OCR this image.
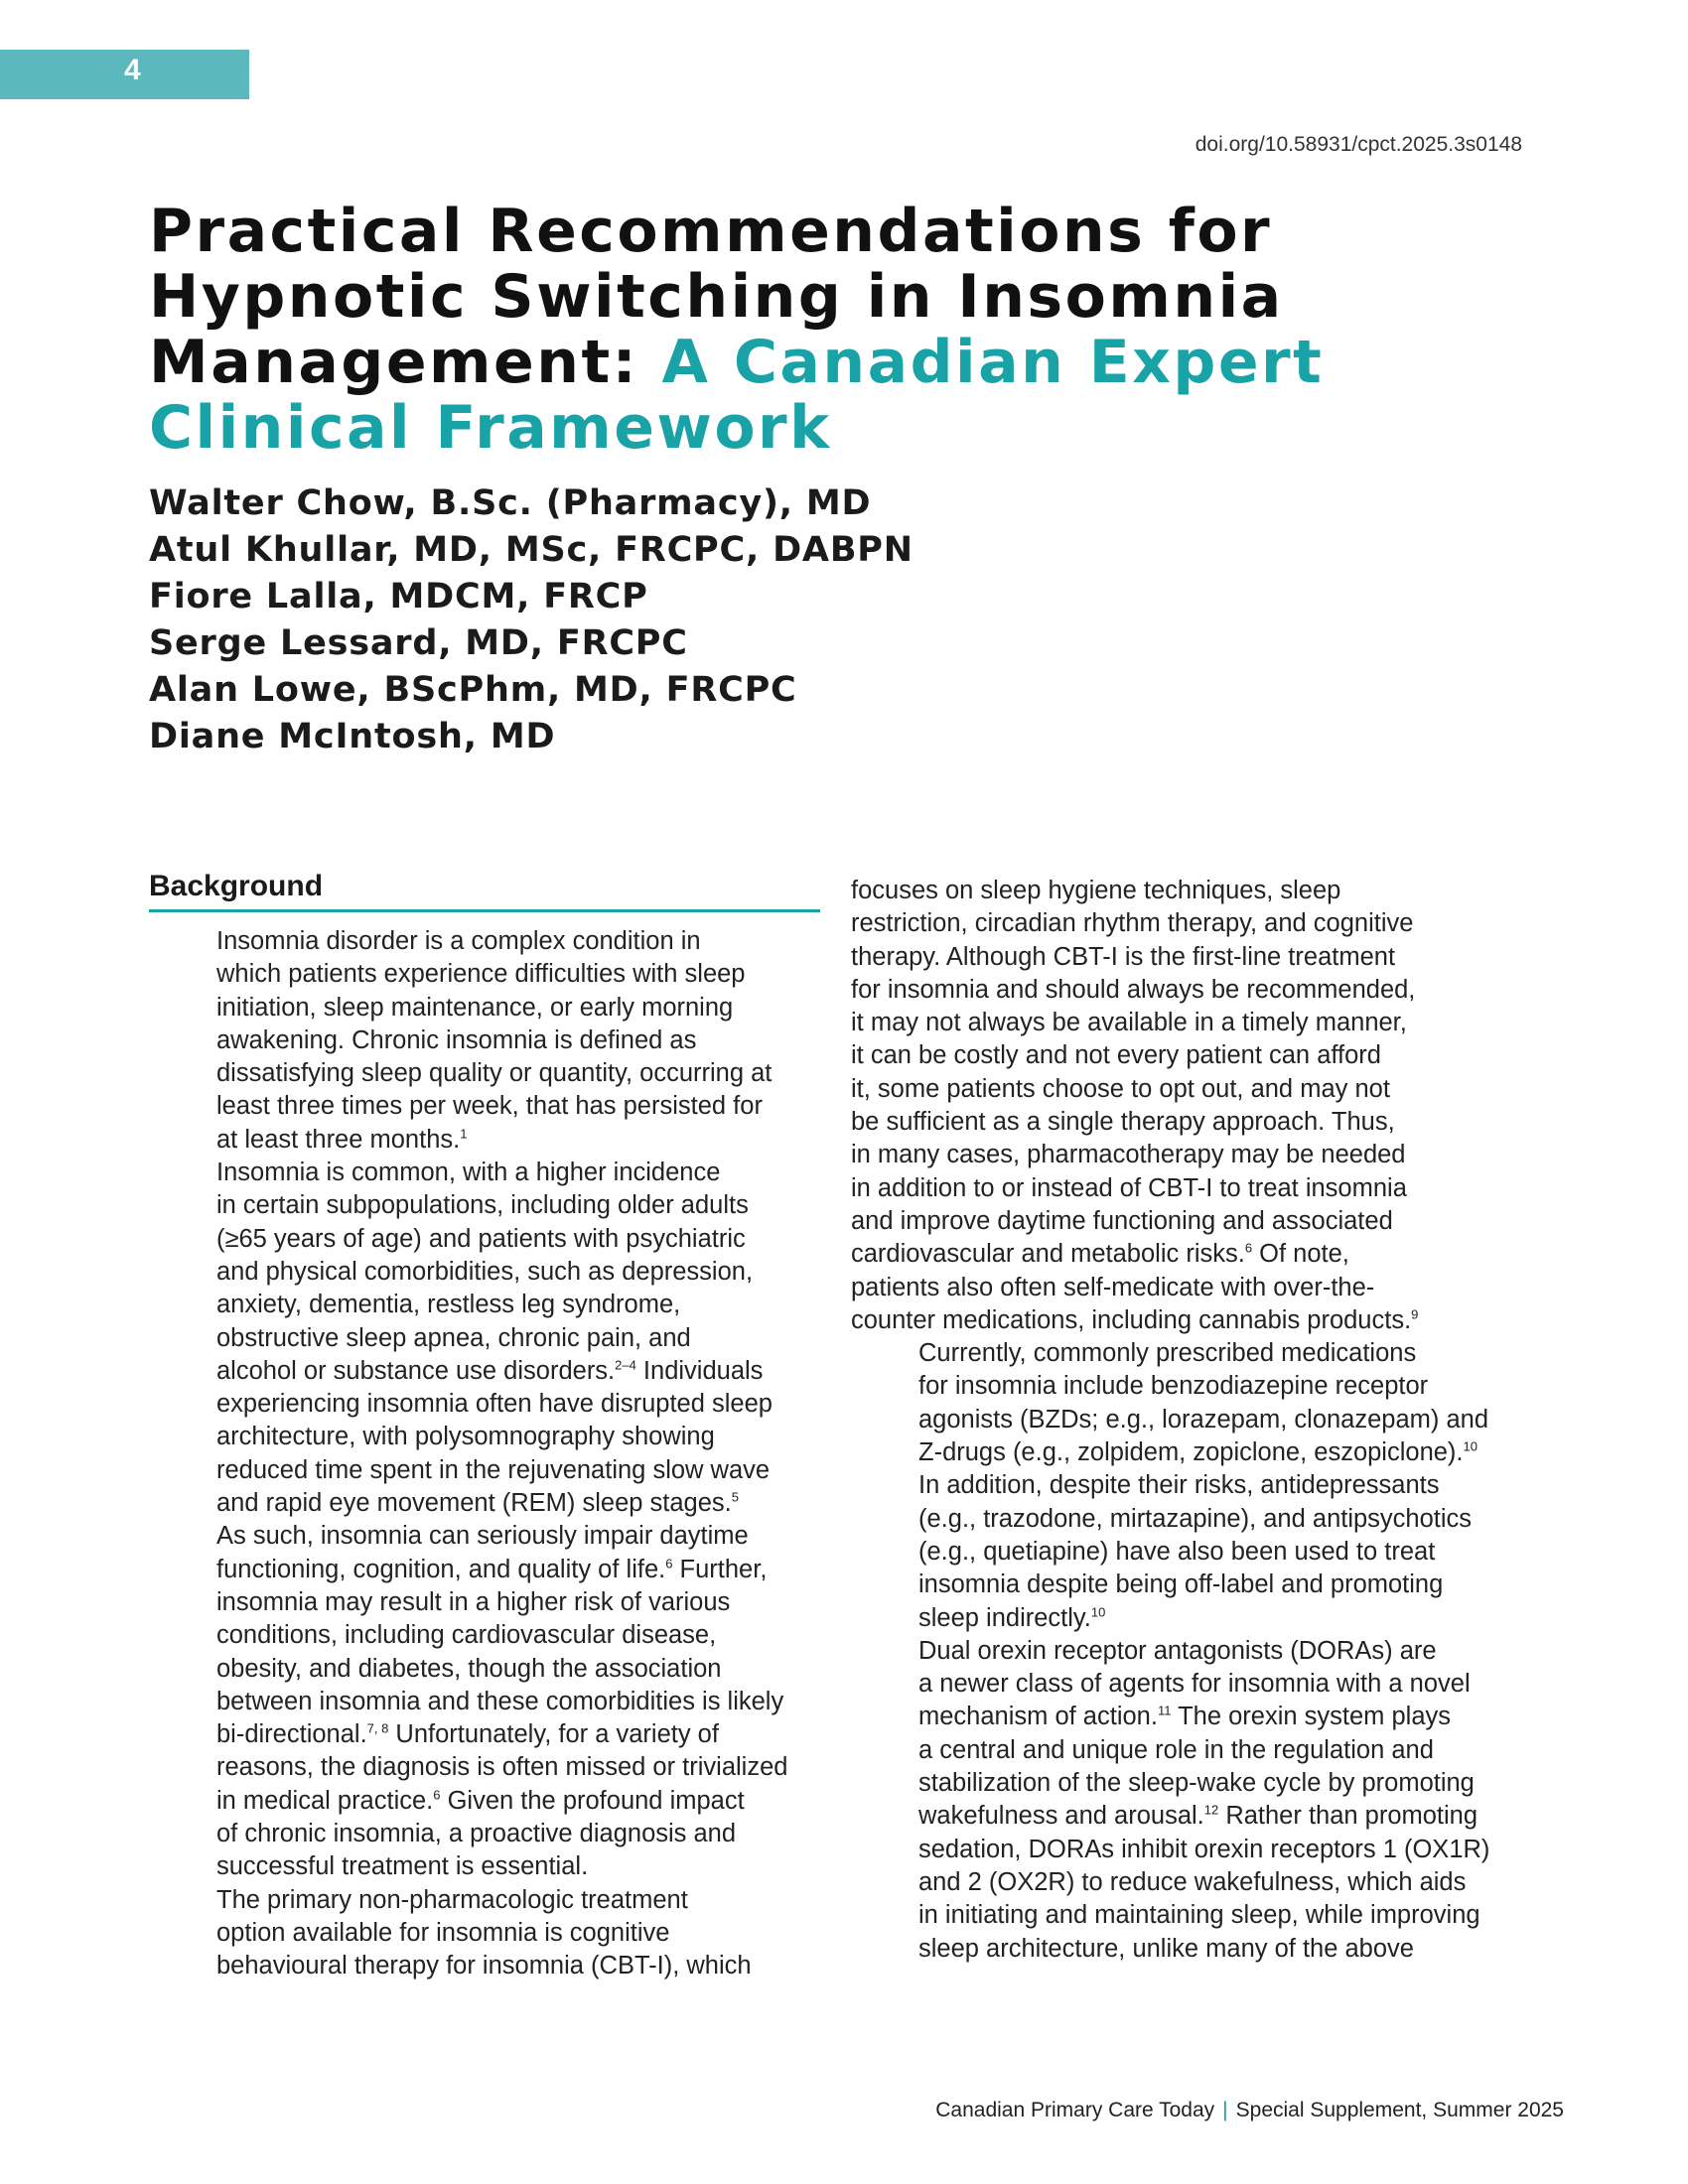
4
doi.org/10.58931/cpct.2025.3s0148
Practical Recommendations for
Hypnotic Switching in Insomnia
Management: A Canadian Expert
Clinical Framework
Walter Chow, B.Sc. (Pharmacy), MD
Atul Khullar, MD, MSc, FRCPC, DABPN
Fiore Lalla, MDCM, FRCP
Serge Lessard, MD, FRCPC
Alan Lowe, BScPhm, MD, FRCPC
Diane McIntosh, MD
Background

Insomnia disorder is a complex condition in
which patients experience difficulties with sleep
initiation, sleep maintenance, or early morning
awakening. Chronic insomnia is defined as
dissatisfying sleep quality or quantity, occurring at
least three times per week, that has persisted for
at least three months.$^1$

Insomnia is common, with a higher incidence
in certain subpopulations, including older adults
(≥65 years of age) and patients with psychiatric
and physical comorbidities, such as depression,
anxiety, dementia, restless leg syndrome,
obstructive sleep apnea, chronic pain, and
alcohol or substance use disorders.$^{2-4}$ Individuals
experiencing insomnia often have disrupted sleep
architecture, with polysomnography showing
reduced time spent in the rejuvenating slow wave
and rapid eye movement (REM) sleep stages.$^5$
As such, insomnia can seriously impair daytime
functioning, cognition, and quality of life.$^6$ Further,
insomnia may result in a higher risk of various
conditions, including cardiovascular disease,
obesity, and diabetes, though the association
between insomnia and these comorbidities is likely
bi-directional.$^{7, 8}$ Unfortunately, for a variety of
reasons, the diagnosis is often missed or trivialized
in medical practice.$^6$ Given the profound impact
of chronic insomnia, a proactive diagnosis and
successful treatment is essential.

The primary non-pharmacologic treatment
option available for insomnia is cognitive
behavioural therapy for insomnia (CBT-I), which

focuses on sleep hygiene techniques, sleep
restriction, circadian rhythm therapy, and cognitive
therapy. Although CBT-I is the first-line treatment
for insomnia and should always be recommended,
it may not always be available in a timely manner,
it can be costly and not every patient can afford
it, some patients choose to opt out, and may not
be sufficient as a single therapy approach. Thus,
in many cases, pharmacotherapy may be needed
in addition to or instead of CBT-I to treat insomnia
and improve daytime functioning and associated
cardiovascular and metabolic risks.$^6$ Of note,
patients also often self-medicate with over-the-
counter medications, including cannabis products.$^9$

Currently, commonly prescribed medications
for insomnia include benzodiazepine receptor
agonists (BZDs; e.g., lorazepam, clonazepam) and
Z-drugs (e.g., zolpidem, zopiclone, eszopiclone).$^{10}$
In addition, despite their risks, antidepressants
(e.g., trazodone, mirtazapine), and antipsychotics
(e.g., quetiapine) have also been used to treat
insomnia despite being off-label and promoting
sleep indirectly.$^{10}$

Dual orexin receptor antagonists (DORAs) are
a newer class of agents for insomnia with a novel
mechanism of action.$^{11}$ The orexin system plays
a central and unique role in the regulation and
stabilization of the sleep-wake cycle by promoting
wakefulness and arousal.$^{12}$ Rather than promoting
sedation, DORAs inhibit orexin receptors 1 (OX1R)
and 2 (OX2R) to reduce wakefulness, which aids
in initiating and maintaining sleep, while improving
sleep architecture, unlike many of the above

Canadian Primary Care Today | Special Supplement, Summer 2025
